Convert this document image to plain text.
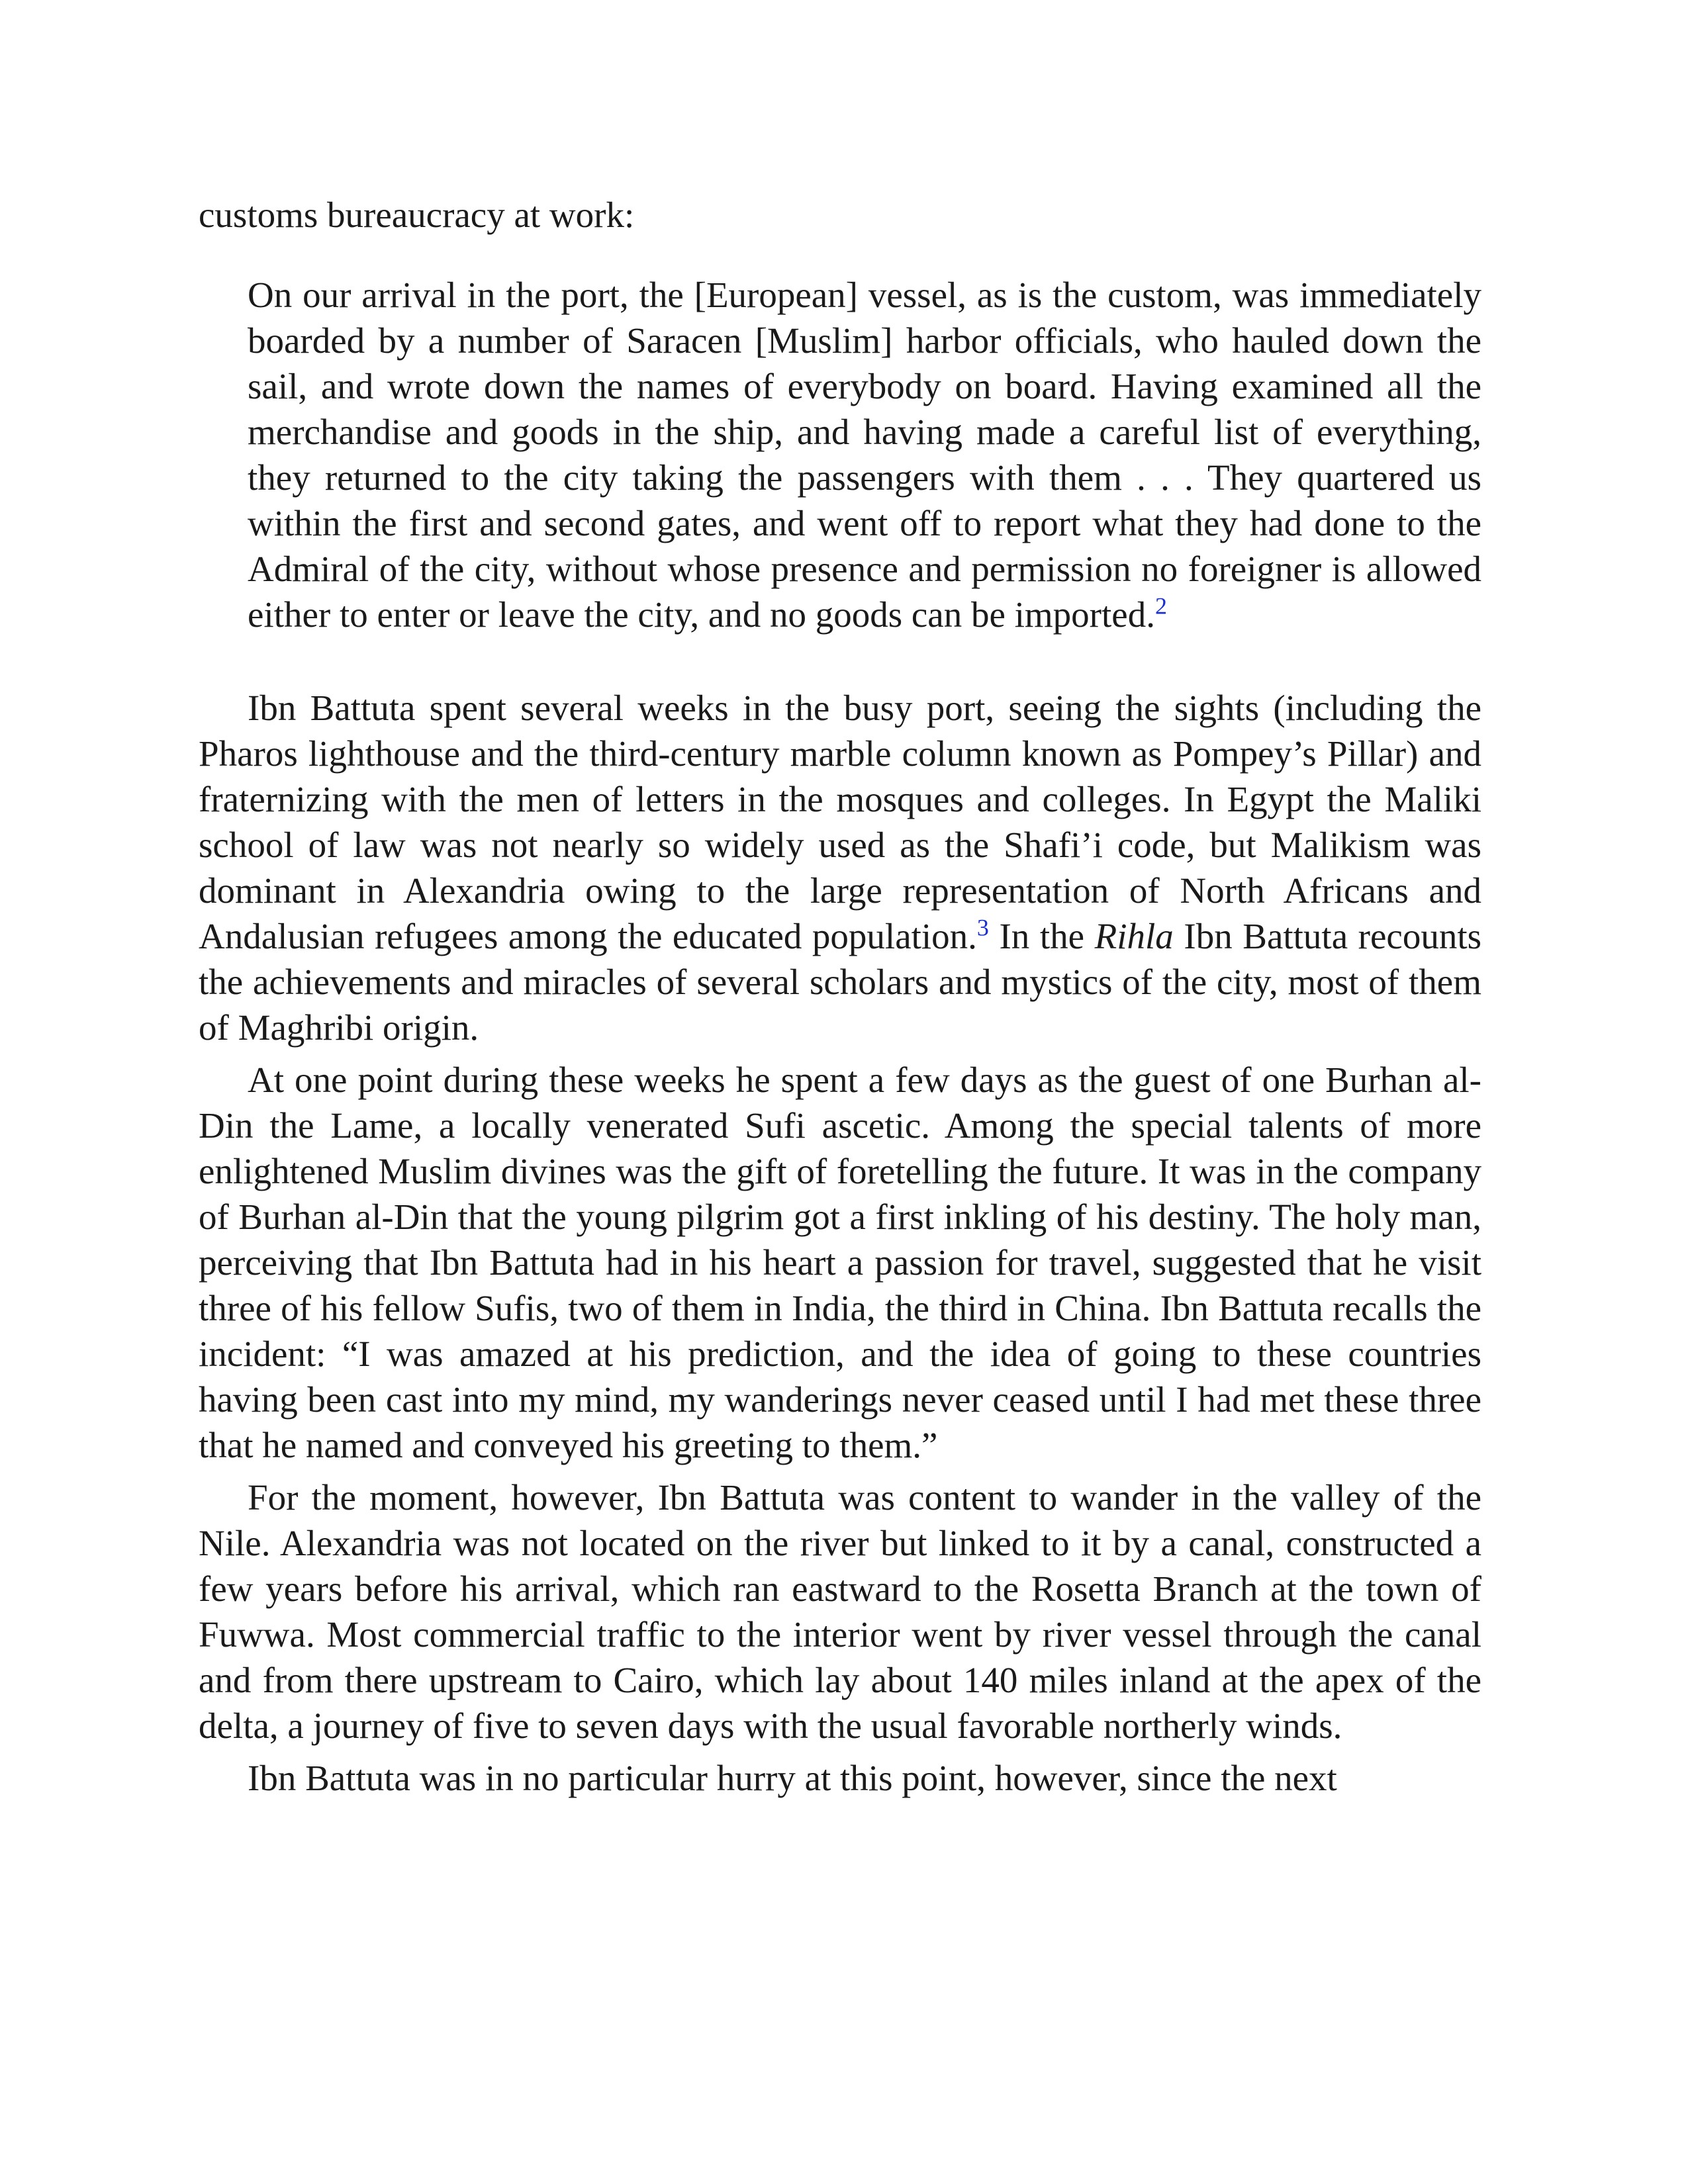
customs bureaucracy at work:

On our arrival in the port, the [European] vessel, as is the custom, was immediately boarded by a number of Saracen [Muslim] harbor officials, who hauled down the sail, and wrote down the names of everybody on board. Having examined all the merchandise and goods in the ship, and having made a careful list of everything, they returned to the city taking the passengers with them . . . They quartered us within the first and second gates, and went off to report what they had done to the Admiral of the city, without whose presence and permission no foreigner is allowed either to enter or leave the city, and no goods can be imported.$^2$

Ibn Battuta spent several weeks in the busy port, seeing the sights (including the Pharos lighthouse and the third-century marble column known as Pompey’s Pillar) and fraternizing with the men of letters in the mosques and colleges. In Egypt the Maliki school of law was not nearly so widely used as the Shafi’i code, but Malikism was dominant in Alexandria owing to the large representation of North Africans and Andalusian refugees among the educated population.$^3$ In the Rihla Ibn Battuta recounts the achievements and miracles of several scholars and mystics of the city, most of them of Maghribi origin.

At one point during these weeks he spent a few days as the guest of one Burhan al-Din the Lame, a locally venerated Sufi ascetic. Among the special talents of more enlightened Muslim divines was the gift of foretelling the future. It was in the company of Burhan al-Din that the young pilgrim got a first inkling of his destiny. The holy man, perceiving that Ibn Battuta had in his heart a passion for travel, suggested that he visit three of his fellow Sufis, two of them in India, the third in China. Ibn Battuta recalls the incident: “I was amazed at his prediction, and the idea of going to these countries having been cast into my mind, my wanderings never ceased until I had met these three that he named and conveyed his greeting to them.”

For the moment, however, Ibn Battuta was content to wander in the valley of the Nile. Alexandria was not located on the river but linked to it by a canal, constructed a few years before his arrival, which ran eastward to the Rosetta Branch at the town of Fuwwa. Most commercial traffic to the interior went by river vessel through the canal and from there upstream to Cairo, which lay about 140 miles inland at the apex of the delta, a journey of five to seven days with the usual favorable northerly winds.

Ibn Battuta was in no particular hurry at this point, however, since the next
